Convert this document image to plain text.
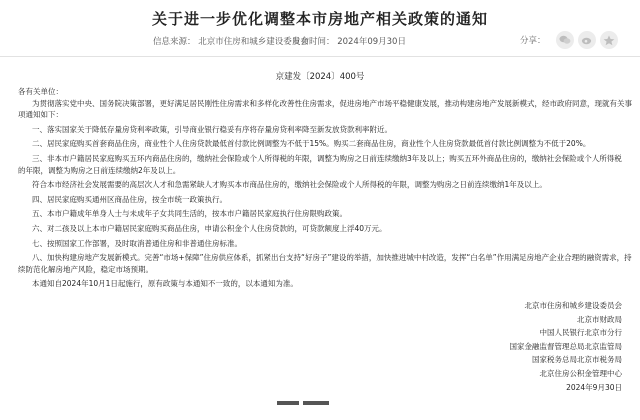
关于进一步优化调整本市房地产相关政策的通知
信息来源： 北京市住房和城乡建设委员会
发布时间： 2024年09月30日	分享：
京建发〔2024〕400号

各有关单位：

为贯彻落实党中央、国务院决策部署，更好满足居民刚性住房需求和多样化改善性住房需求，促进房地产市场平稳健康发展，推动构建房地产发展新模式，经市政府同意，现就有关事

项通知如下：

一、落实国家关于降低存量房贷利率政策，引导商业银行稳妥有序将存量房贷利率降至新发放贷款利率附近。

二、居民家庭购买首套商品住房，商业性个人住房贷款最低首付款比例调整为不低于15%。购买二套商品住房，商业性个人住房贷款最低首付款比例调整为不低于20%。

三、非本市户籍居民家庭购买五环内商品住房的，缴纳社会保险或个人所得税的年限，调整为购房之日前连续缴纳3年及以上；购买五环外商品住房的，缴纳社会保险或个人所得税

的年限，调整为购房之日前连续缴纳2年及以上。

符合本市经济社会发展需要的高层次人才和急需紧缺人才购买本市商品住房的，缴纳社会保险或个人所得税的年限，调整为购房之日前连续缴纳1年及以上。

四、居民家庭购买通州区商品住房，按全市统一政策执行。

五、本市户籍成年单身人士与未成年子女共同生活的，按本市户籍居民家庭执行住房限购政策。

六、对二孩及以上本市户籍居民家庭购买商品住房，申请公积金个人住房贷款的，可贷款额度上浮40万元。

七、按照国家工作部署，及时取消普通住房和非普通住房标准。

八、加快构建房地产发展新模式。完善“市场+保障”住房供应体系，抓紧出台支持“好房子”建设的举措，加快推进城中村改造，发挥“白名单”作用满足房地产企业合理的融资需求，持

续防范化解房地产风险，稳定市场预期。

本通知自2024年10月1日起施行，原有政策与本通知不一致的，以本通知为准。

北京市住房和城乡建设委员会
北京市财政局
中国人民银行北京市分行
国家金融监督管理总局北京监管局
国家税务总局北京市税务局
北京住房公积金管理中心
2024年9月30日
